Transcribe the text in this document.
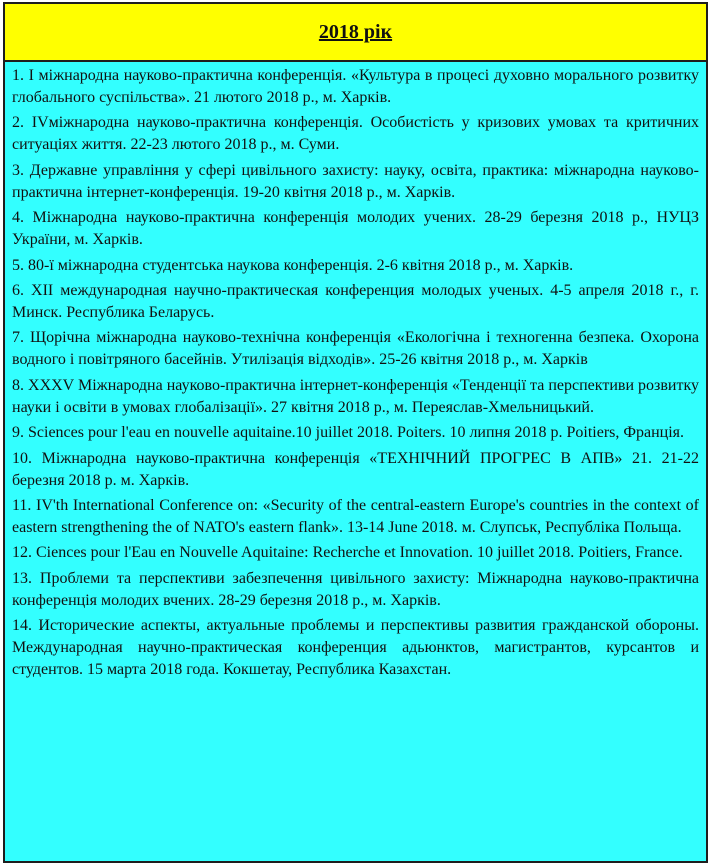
2018 рік

1. І міжнародна науково-практична конференція. «Культура в процесі духовно морального розвитку глобального суспільства». 21 лютого 2018 р., м. Харків.

2. IVміжнародна науково-практична конференція. Особистість у кризових умовах та критичних ситуаціях життя. 22-23 лютого 2018 р., м. Суми.

3. Державне управління у сфері цивільного захисту: науку, освіта, практика: міжнародна науково-практична інтернет-конференція. 19-20 квітня 2018 р., м. Харків.

4. Міжнародна науково-практична конференція молодих учених. 28-29 березня 2018 р., НУЦЗ України, м. Харків.

5. 80-ї міжнародна студентська наукова конференція. 2-6 квітня 2018 р., м. Харків.

6. XII международная научно-практическая конференция молодых ученых. 4-5 апреля 2018 г., г. Минск. Республика Беларусь.

7. Щорічна міжнародна науково-технічна конференція «Екологічна і техногенна безпека. Охорона водного і повітряного басейнів. Утилізація відходів». 25-26 квітня 2018 р., м. Харків

8. XXXV Міжнародна науково-практична інтернет-конференція «Тенденції та перспективи розвитку науки і освіти в умовах глобалізації». 27 квітня 2018 р., м. Переяслав-Хмельницький.

9. Sciences pour l'eau en nouvelle aquitaine.10 juillet 2018. Poiters. 10 липня 2018 р. Poitiers, Франція.

10. Міжнародна науково-практична конференція «ТЕХНІЧНИЙ ПРОГРЕС В АПВ» 21. 21-22 березня 2018 р. м. Харків.

11. IV'th International Conference on: «Security of the central-eastern Europe's countries in the context of eastern strengthening the of NATO's eastern flank». 13-14 June 2018. м. Слупськ, Республіка Польща.

12. Ciences pour l'Eau en Nouvelle Aquitaine: Recherche et Innovation. 10 juillet 2018. Poitiers, France.

13. Проблеми та перспективи забезпечення цивільного захисту: Міжнародна науково-практична конференція молодих вчених. 28-29 березня 2018 р., м. Харків.

14. Исторические аспекты, актуальные проблемы и перспективы развития гражданской обороны. Международная научно-практическая конференция адьюнктов, магистрантов, курсантов и студентов. 15 марта 2018 года. Кокшетау, Республика Казахстан.
